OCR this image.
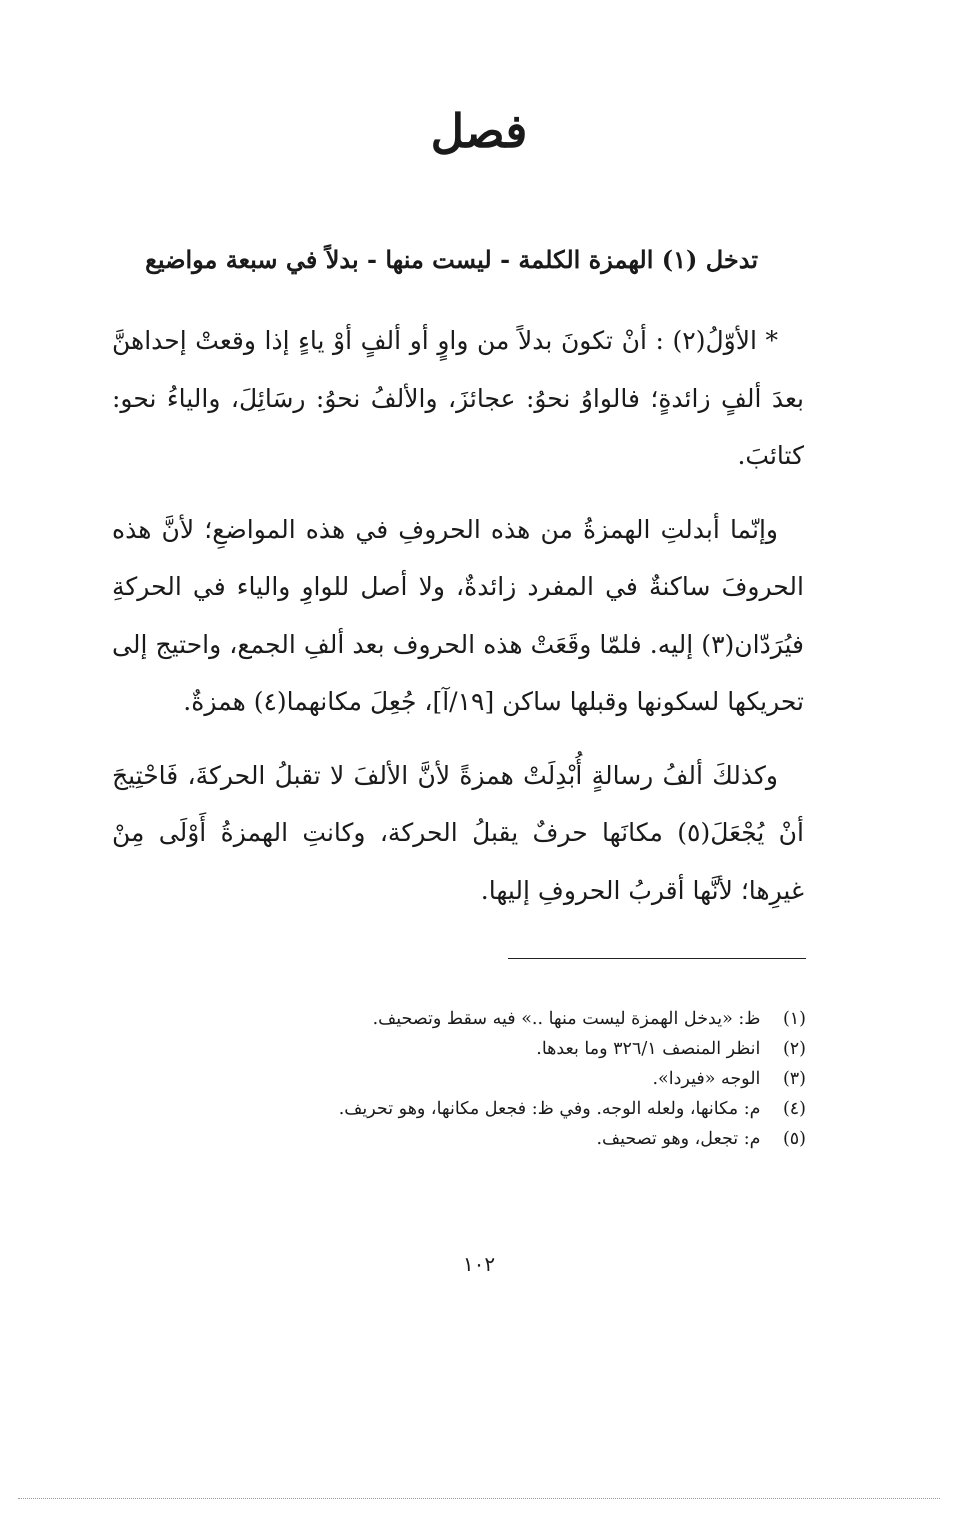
فصل
تدخل (١) الهمزة الكلمة - ليست منها - بدلاً في سبعة مواضيع

* الأوّلُ(٢) : أنْ تكونَ بدلاً من واوٍ أو ألفٍ أوْ ياءٍ إذا وقعتْ إحداهنَّ بعدَ ألفٍ زائدةٍ؛ فالواوُ نحوُ: عجائزَ، والألفُ نحوُ: رسَائِلَ، والياءُ نحو: كتائبَ.

وإنّما أبدلتِ الهمزةُ من هذه الحروفِ في هذه المواضعِ؛ لأنَّ هذه الحروفَ ساكنةٌ في المفرد زائدةٌ، ولا أصل للواوِ والياء في الحركةِ فيُرَدّان(٣) إليه. فلمّا وقَعَتْ هذه الحروف بعد ألفِ الجمع، واحتيج إلى تحريكها لسكونها وقبلها ساكن [١٩/آ]، جُعِلَ مكانهما(٤) همزةٌ.

وكذلكَ ألفُ رسالةٍ أُبْدِلَتْ همزةً لأنَّ الألفَ لا تقبلُ الحركةَ، فَاحْتِيجَ أنْ يُجْعَلَ(٥) مكانَها حرفٌ يقبلُ الحركة، وكانتِ الهمزةُ أَوْلَى مِنْ غيرِها؛ لأنَّها أقربُ الحروفِ إليها.

(١) ظ: «يدخل الهمزة ليست منها ..» فيه سقط وتصحيف.
(٢) انظر المنصف ٣٢٦/١ وما بعدها.
(٣) الوجه «فيردا».
(٤) م: مكانها، ولعله الوجه. وفي ظ: فجعل مكانها، وهو تحريف.
(٥) م: تجعل، وهو تصحيف.
١٠٢
